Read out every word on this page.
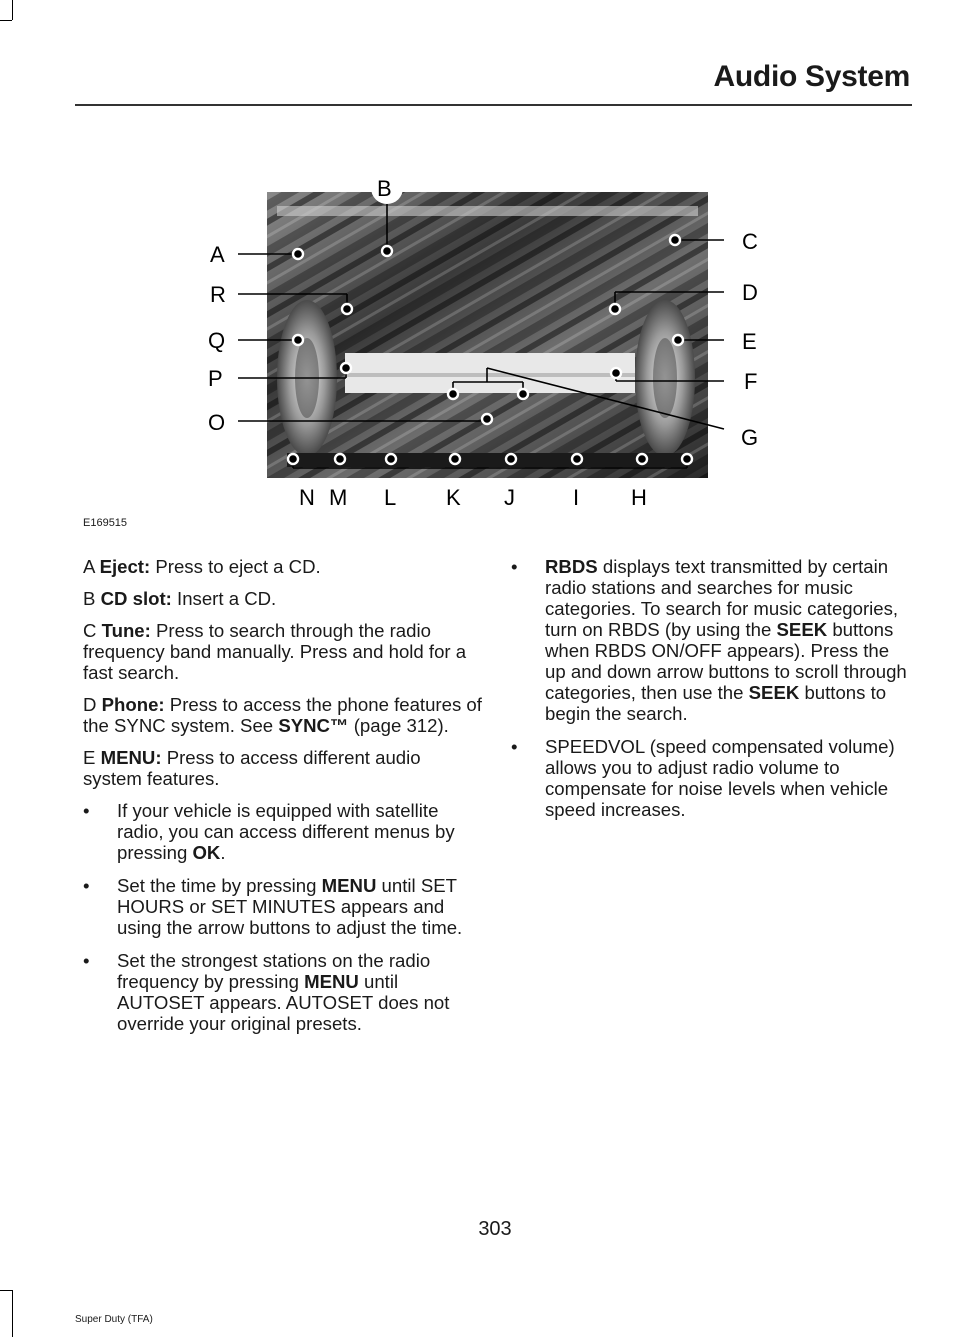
Audio System
B
A
R
Q
P
O
C
D
E
F
G
N M L K J	I H
E169515

A Eject: Press to eject a CD.

B CD slot: Insert a CD.

C Tune: Press to search through the radio frequency band manually. Press and hold for a fast search.

D Phone: Press to access the phone features of the SYNC system. See SYNC™ (page 312).

E MENU: Press to access different audio system features.

• If your vehicle is equipped with satellite radio, you can access different menus by pressing OK.
• Set the time by pressing MENU until SET HOURS or SET MINUTES appears and using the arrow buttons to adjust the time.
• Set the strongest stations on the radio frequency by pressing MENU until AUTOSET appears. AUTOSET does not override your original presets.
• RBDS displays text transmitted by certain radio stations and searches for music categories. To search for music categories, turn on RBDS (by using the SEEK buttons when RBDS ON/OFF appears). Press the up and down arrow buttons to scroll through categories, then use the SEEK buttons to begin the search.
• SPEEDVOL (speed compensated volume) allows you to adjust radio volume to compensate for noise levels when vehicle speed increases.
303
Super Duty (TFA)
